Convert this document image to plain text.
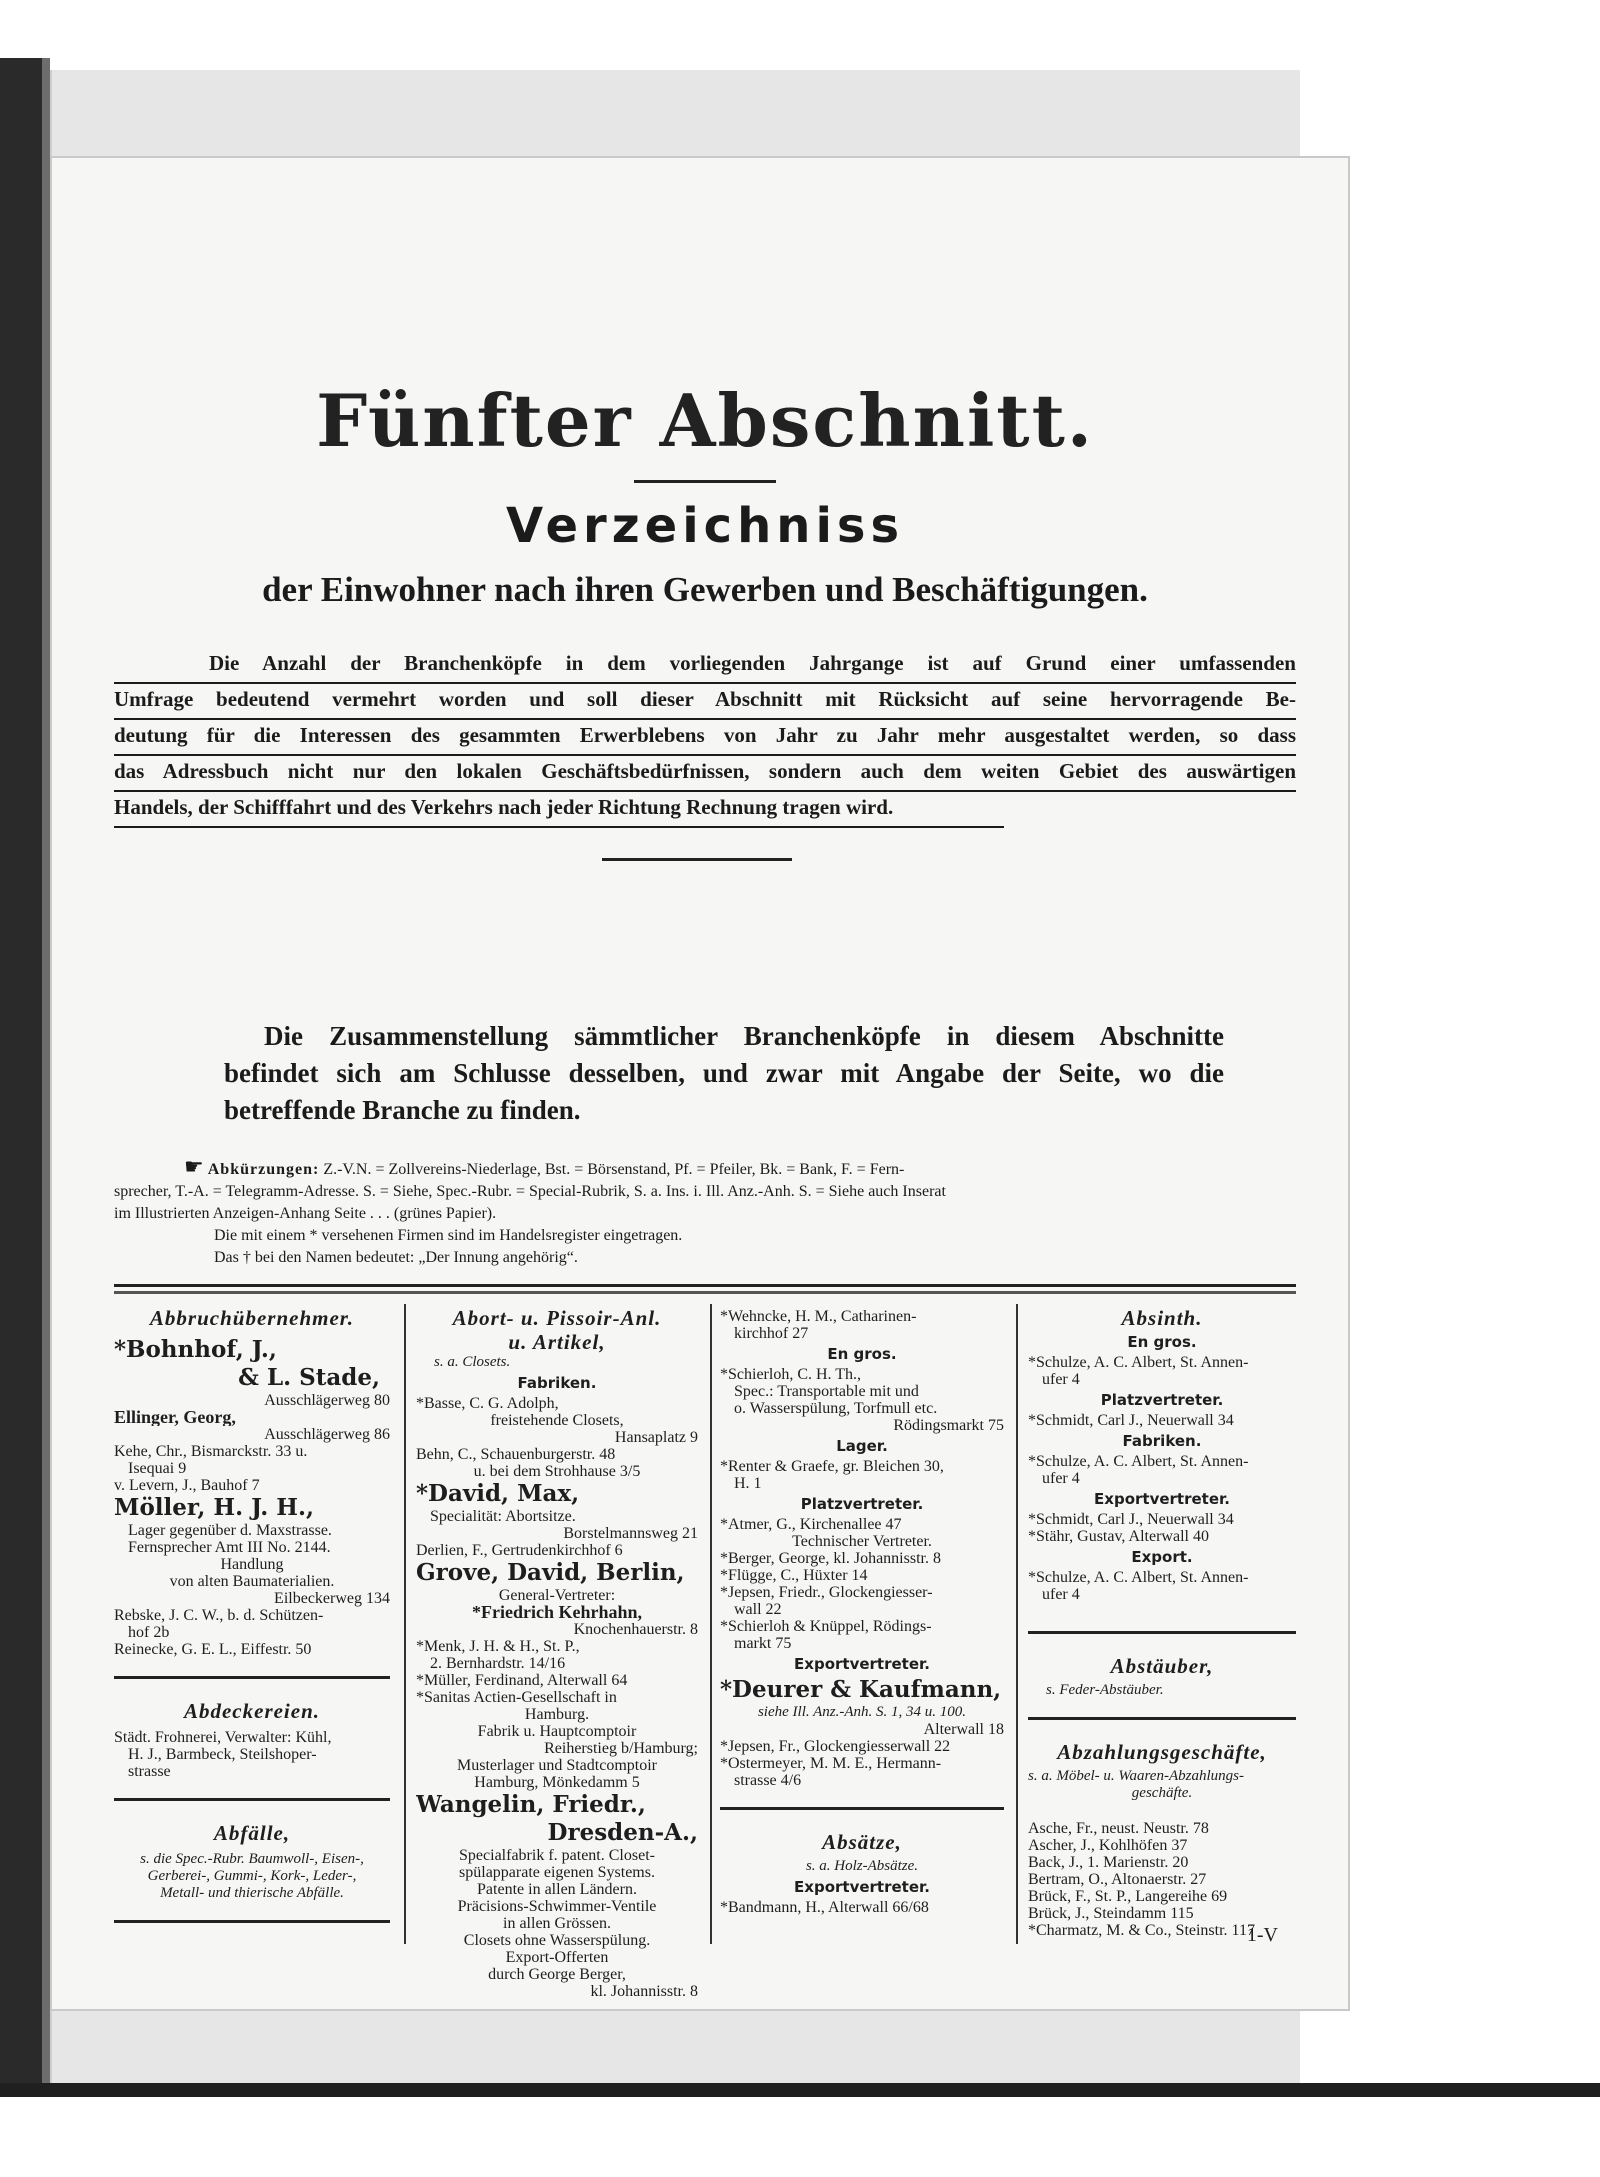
Fünfter Abschnitt.
Verzeichniss
der Einwohner nach ihren Gewerben und Beschäftigungen.
Die Anzahl der Branchenköpfe in dem vorliegenden Jahrgange ist auf Grund einer umfassenden
Umfrage bedeutend vermehrt worden und soll dieser Abschnitt mit Rücksicht auf seine hervorragende Be-
deutung für die Interessen des gesammten Erwerblebens von Jahr zu Jahr mehr ausgestaltet werden, so dass
das Adressbuch nicht nur den lokalen Geschäftsbedürfnissen, sondern auch dem weiten Gebiet des auswärtigen
Handels, der Schifffahrt und des Verkehrs nach jeder Richtung Rechnung tragen wird.

Die Zusammenstellung sämmtlicher Branchenköpfe in diesem Abschnitte

befindet sich am Schlusse desselben, und zwar mit Angabe der Seite, wo die

betreffende Branche zu finden.

☛ Abkürzungen: Z.-V.N. = Zollvereins-Niederlage, Bst. = Börsenstand, Pf. = Pfeiler, Bk. = Bank, F. = Fern-

sprecher, T.-A. = Telegramm-Adresse. S. = Siehe, Spec.-Rubr. = Special-Rubrik, S. a. Ins. i. Ill. Anz.-Anh. S. = Siehe auch Inserat

im Illustrierten Anzeigen-Anhang Seite . . . (grünes Papier).

Die mit einem * versehenen Firmen sind im Handelsregister eingetragen.

Das † bei den Namen bedeutet: „Der Innung angehörig“.

Abbruchübernehmer.

*Bohnhof, J.,

& L. Stade,

Ausschlägerweg 80

Ellinger, Georg,

Ausschlägerweg 86

Kehe, Chr., Bismarckstr. 33 u.

Isequai 9

v. Levern, J., Bauhof 7

Möller, H. J. H.,

Lager gegenüber d. Maxstrasse.

Fernsprecher Amt III No. 2144.

Handlung

von alten Baumaterialien.

Eilbeckerweg 134

Rebske, J. C. W., b. d. Schützen-

hof 2b

Reinecke, G. E. L., Eiffestr. 50

Abdeckereien.

Städt. Frohnerei, Verwalter: Kühl,

H. J., Barmbeck, Steilshoper-

strasse

Abfälle,

s. die Spec.-Rubr. Baumwoll-, Eisen-,

Gerberei-, Gummi-, Kork-, Leder-,

Metall- und thierische Abfälle.

Abort- u. Pissoir-Anl.

u. Artikel,

s. a. Closets.

Fabriken.

*Basse, C. G. Adolph,

freistehende Closets,

Hansaplatz 9

Behn, C., Schauenburgerstr. 48

u. bei dem Strohhause 3/5

*David, Max,

Specialität: Abortsitze.

Borstelmannsweg 21

Derlien, F., Gertrudenkirchhof 6

Grove, David, Berlin,

General-Vertreter:

*Friedrich Kehrhahn,

Knochenhauerstr. 8

*Menk, J. H. & H., St. P.,

2. Bernhardstr. 14/16

*Müller, Ferdinand, Alterwall 64

*Sanitas Actien-Gesellschaft in

Hamburg.

Fabrik u. Hauptcomptoir

Reiherstieg b/Hamburg;

Musterlager und Stadtcomptoir

Hamburg, Mönkedamm 5

Wangelin, Friedr.,

Dresden-A.,

Specialfabrik f. patent. Closet-

spülapparate eigenen Systems.

Patente in allen Ländern.

Präcisions-Schwimmer-Ventile

in allen Grössen.

Closets ohne Wasserspülung.

Export-Offerten

durch George Berger,

kl. Johannisstr. 8

*Wehncke, H. M., Catharinen-

kirchhof 27

En gros.

*Schierloh, C. H. Th.,

Spec.: Transportable mit und

o. Wasserspülung, Torfmull etc.

Rödingsmarkt 75

Lager.

*Renter & Graefe, gr. Bleichen 30,

H. 1

Platzvertreter.

*Atmer, G., Kirchenallee 47

Technischer Vertreter.

*Berger, George, kl. Johannisstr. 8

*Flügge, C., Hüxter 14

*Jepsen, Friedr., Glockengiesser-

wall 22

*Schierloh & Knüppel, Rödings-

markt 75

Exportvertreter.

*Deurer & Kaufmann,

siehe Ill. Anz.-Anh. S. 1, 34 u. 100.

Alterwall 18

*Jepsen, Fr., Glockengiesserwall 22

*Ostermeyer, M. M. E., Hermann-

strasse 4/6

Absätze,

s. a. Holz-Absätze.

Exportvertreter.

*Bandmann, H., Alterwall 66/68

Absinth.

En gros.

*Schulze, A. C. Albert, St. Annen-

ufer 4

Platzvertreter.

*Schmidt, Carl J., Neuerwall 34

Fabriken.

*Schulze, A. C. Albert, St. Annen-

ufer 4

Exportvertreter.

*Schmidt, Carl J., Neuerwall 34

*Stähr, Gustav, Alterwall 40

Export.

*Schulze, A. C. Albert, St. Annen-

ufer 4

Abstäuber,

s. Feder-Abstäuber.

Abzahlungsgeschäfte,

s. a. Möbel- u. Waaren-Abzahlungs-

geschäfte.

Asche, Fr., neust. Neustr. 78

Ascher, J., Kohlhöfen 37

Back, J., 1. Marienstr. 20

Bertram, O., Altonaerstr. 27

Brück, F., St. P., Langereihe 69

Brück, J., Steindamm 115

*Charmatz, M. & Co., Steinstr. 117

1-V
